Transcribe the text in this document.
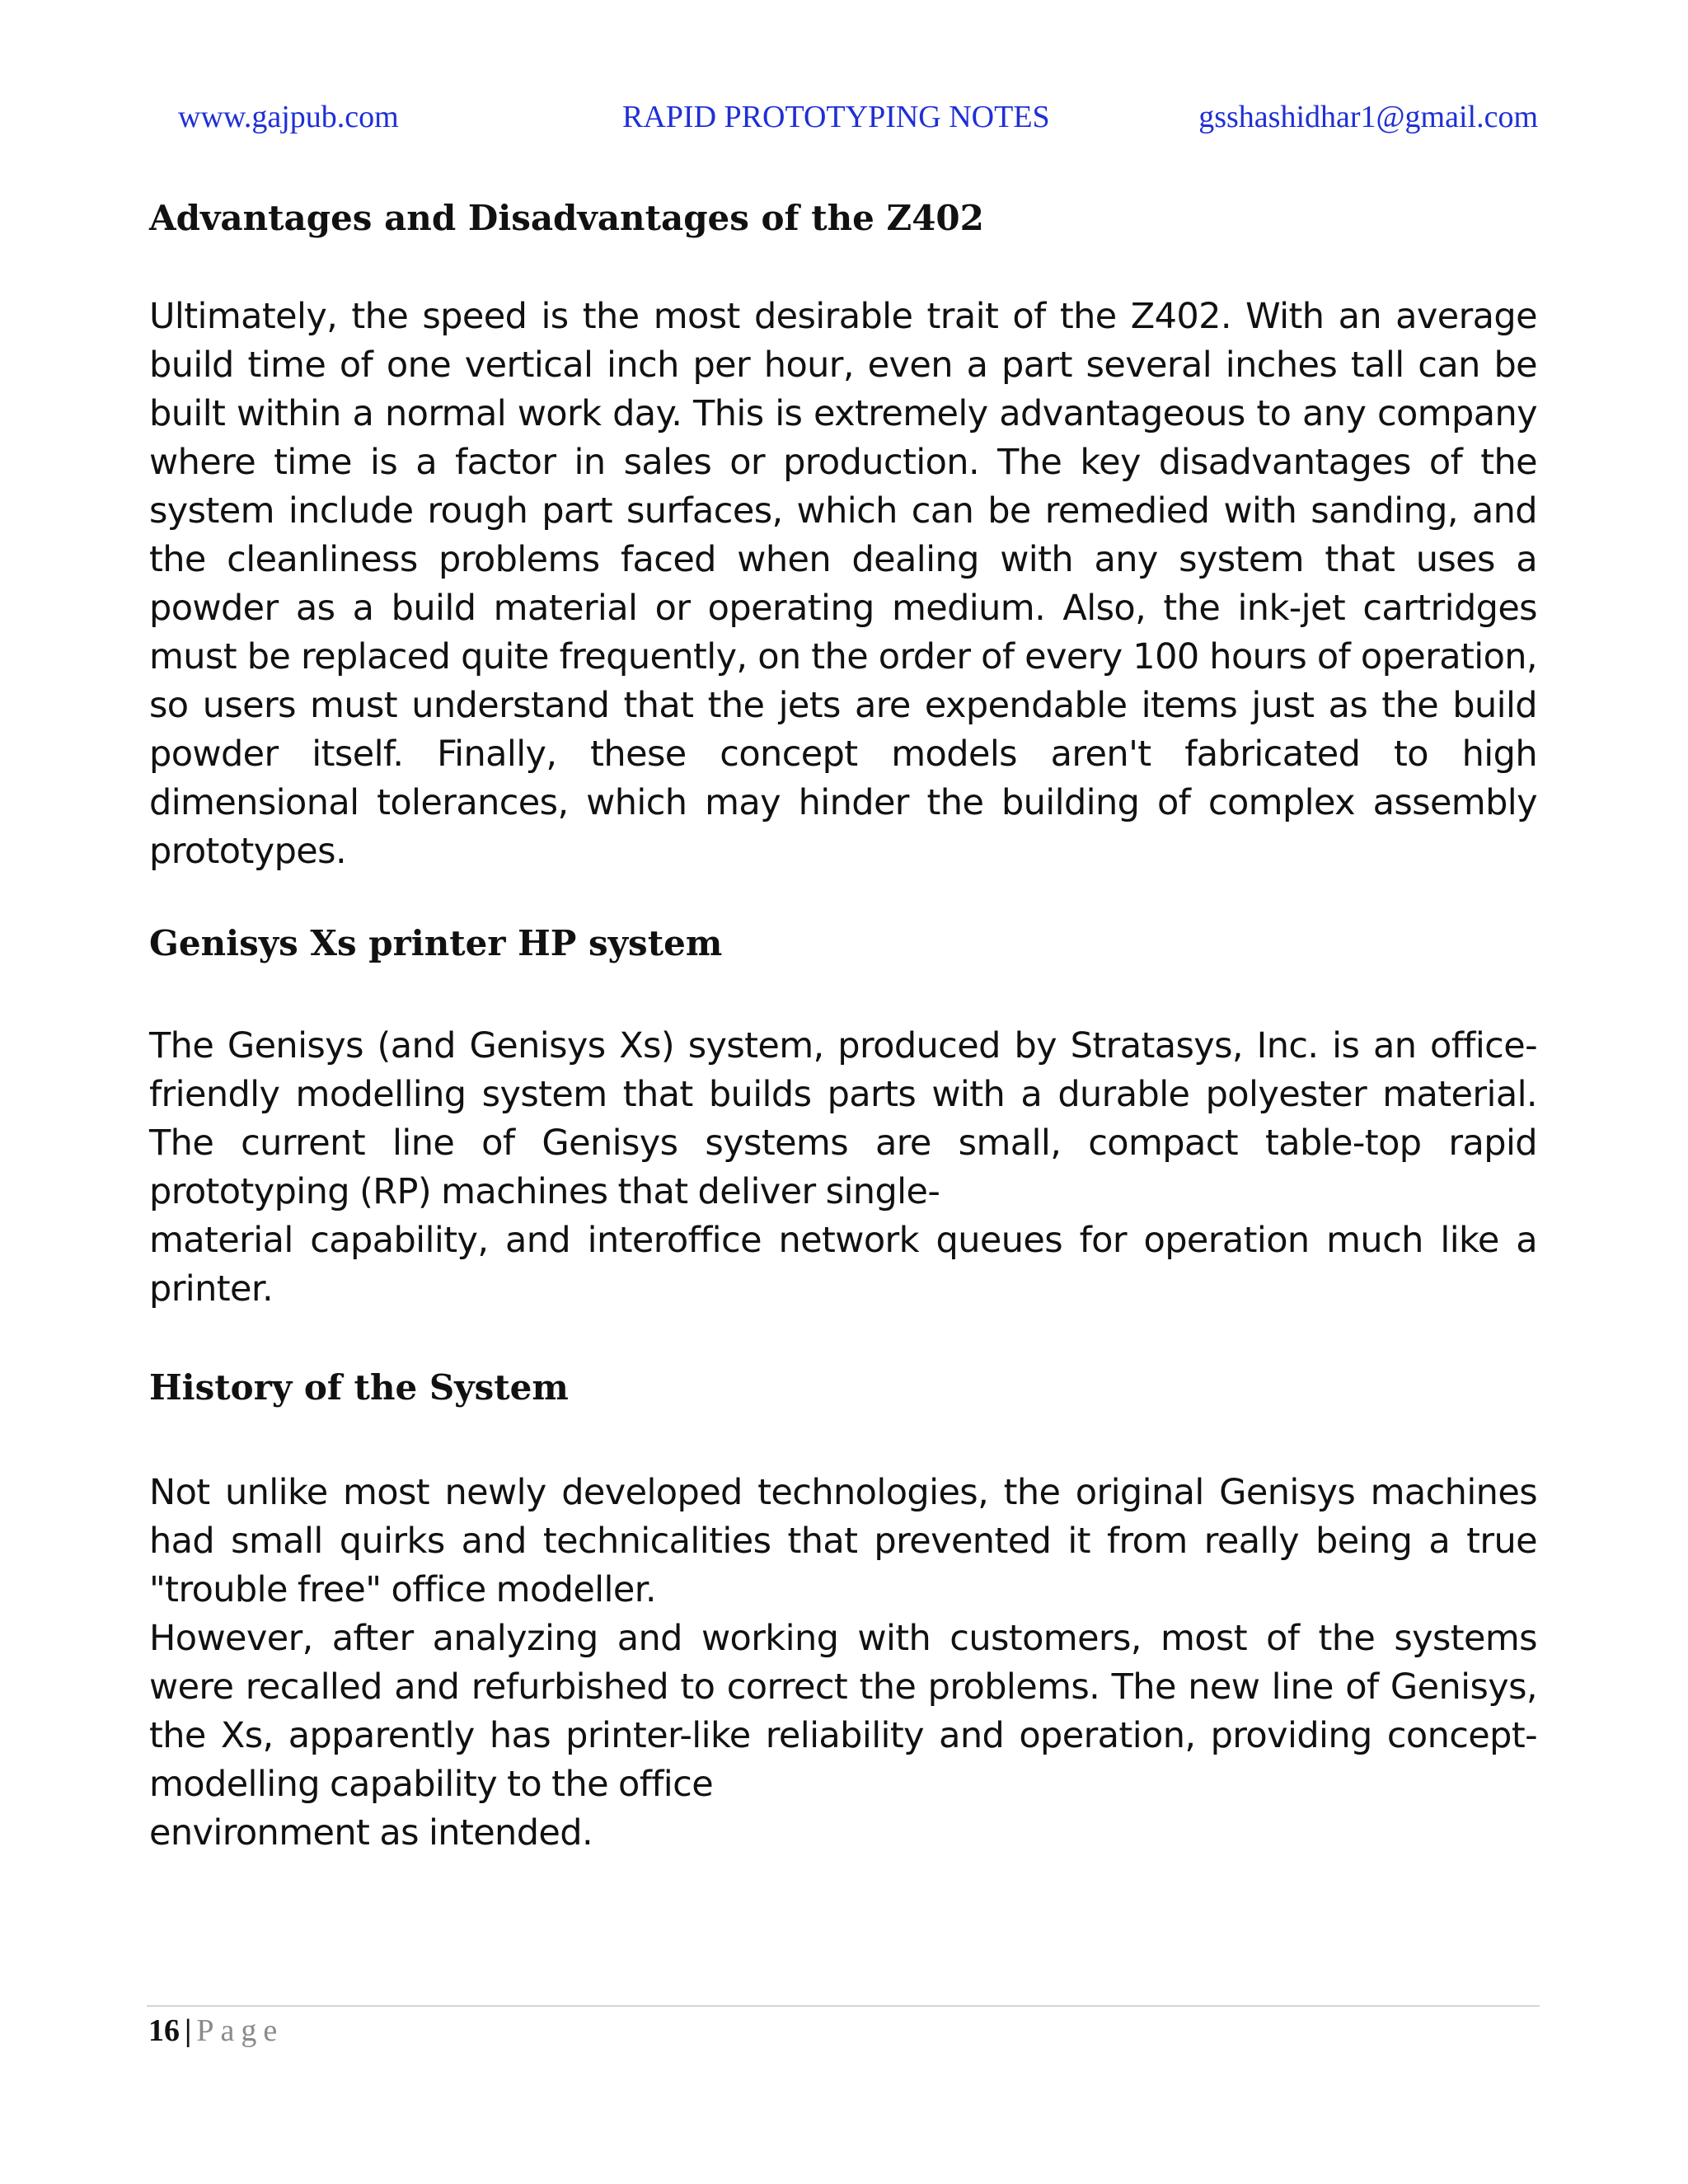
www.gajpub.com	RAPID PROTOTYPING NOTES	gsshashidhar1@gmail.com
Advantages and Disadvantages of the Z402

Ultimately, the speed is the most desirable trait of the Z402. With an average build time of one vertical inch per hour, even a part several inches tall can be built within a normal work day. This is extremely advantageous to any company where time is a factor in sales or production. The key disadvantages of the system include rough part surfaces, which can be remedied with sanding, and the cleanliness problems faced when dealing with any system that uses a powder as a build material or operating medium. Also, the ink-jet cartridges must be replaced quite frequently, on the order of every 100 hours of operation, so users must understand that the jets are expendable items just as the build powder itself. Finally, these concept models aren't fabricated to high dimensional tolerances, which may hinder the building of complex assembly prototypes.

Genisys Xs printer HP system

The Genisys (and Genisys Xs) system, produced by Stratasys, Inc. is an office-friendly modelling system that builds parts with a durable polyester material. The current line of Genisys systems are small, compact table-top rapid prototyping (RP) machines that deliver single-

material capability, and interoffice network queues for operation much like a printer.

History of the System

Not unlike most newly developed technologies, the original Genisys machines had small quirks and technicalities that prevented it from really being a true "trouble free" office modeller.

However, after analyzing and working with customers, most of the systems were recalled and refurbished to correct the problems. The new line of Genisys, the Xs, apparently has printer-like reliability and operation, providing concept-modelling capability to the office

environment as intended.

16 | Page
